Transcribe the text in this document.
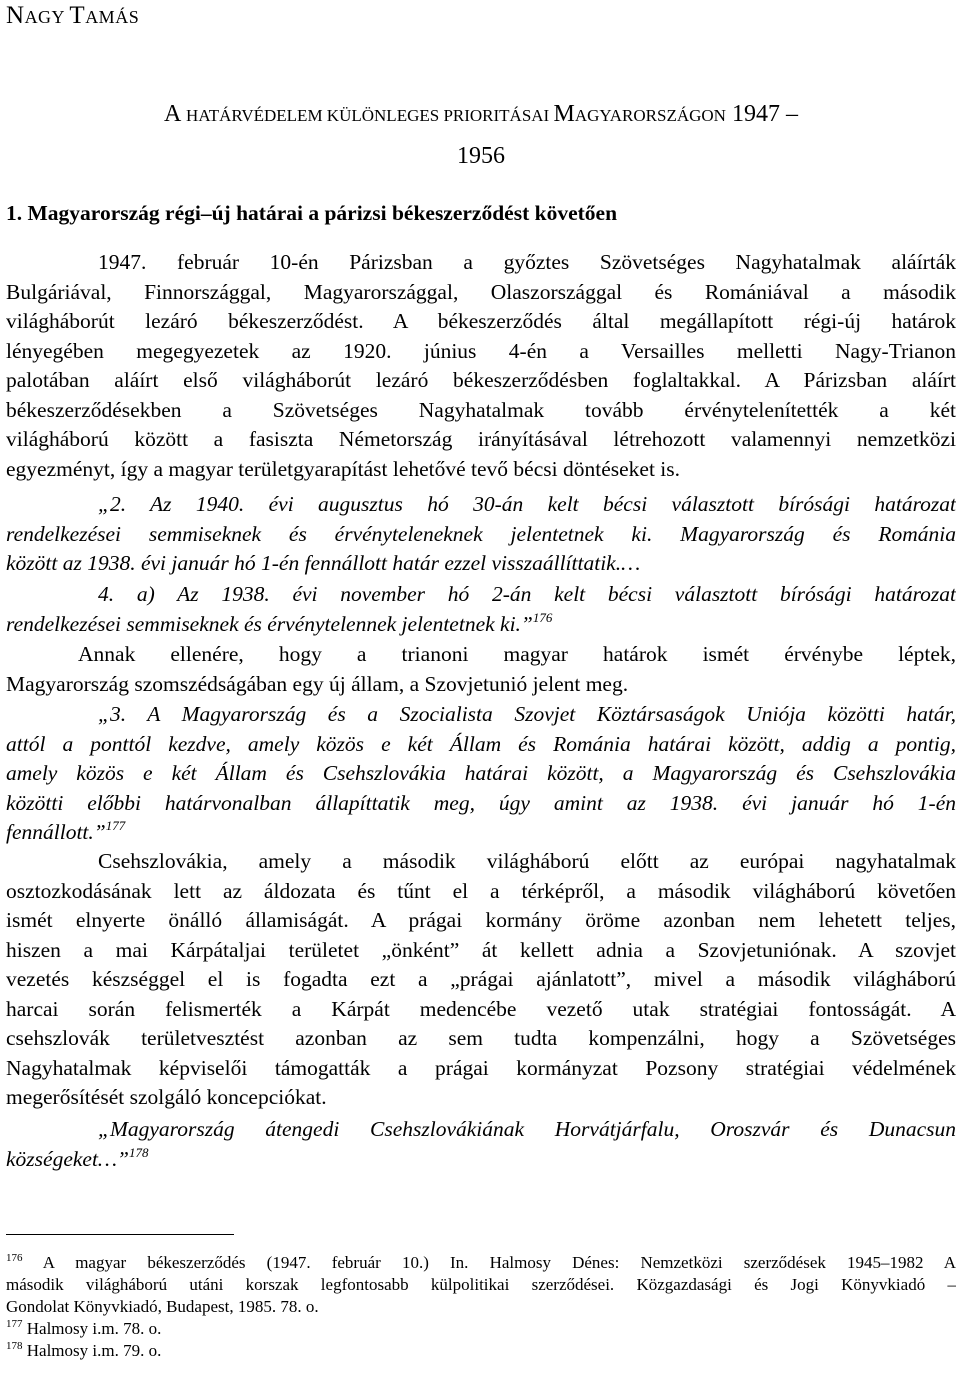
NAGY TAMÁS
A HATÁRVÉDELEM KÜLÖNLEGES PRIORITÁSAI MAGYARORSZÁGON 1947 –
1956
1. Magyarország régi–új határai a párizsi békeszerződést követően
1947. február 10-én Párizsban a győztes Szövetséges Nagyhatalmak aláírták
Bulgáriával, Finnországgal, Magyarországgal, Olaszországgal és Romániával a második
világháborút lezáró békeszerződést. A békeszerződés által megállapított régi-új határok
lényegében megegyezetek az 1920. június 4-én a Versailles melletti Nagy-Trianon
palotában aláírt első világháborút lezáró békeszerződésben foglaltakkal. A Párizsban aláírt
békeszerződésekben a Szövetséges Nagyhatalmak tovább érvénytelenítették a két
világháború között a fasiszta Németország irányításával létrehozott valamennyi nemzetközi
egyezményt, így a magyar területgyarapítást lehetővé tevő bécsi döntéseket is.
„2. Az 1940. évi augusztus hó 30-án kelt bécsi választott bírósági határozat
rendelkezései semmiseknek és érvényteleneknek jelentetnek ki. Magyarország és Románia
között az 1938. évi január hó 1-én fennállott határ ezzel visszaállíttatik.…
4. a) Az 1938. évi november hó 2-án kelt bécsi választott bírósági határozat
rendelkezései semmiseknek és érvénytelennek jelentetnek ki.”$^{176}$
Annak ellenére, hogy a trianoni magyar határok ismét érvénybe léptek,
Magyarország szomszédságában egy új állam, a Szovjetunió jelent meg.
„3. A Magyarország és a Szocialista Szovjet Köztársaságok Uniója közötti határ,
attól a ponttól kezdve, amely közös e két Állam és Románia határai között, addig a pontig,
amely közös e két Állam és Csehszlovákia határai között, a Magyarország és Csehszlovákia
közötti előbbi határvonalban állapíttatik meg, úgy amint az 1938. évi január hó 1-én
fennállott.”$^{177}$
Csehszlovákia, amely a második világháború előtt az európai nagyhatalmak
osztozkodásának lett az áldozata és tűnt el a térképről, a második világháború követően
ismét elnyerte önálló államiságát. A prágai kormány öröme azonban nem lehetett teljes,
hiszen a mai Kárpátaljai területet „önként” át kellett adnia a Szovjetuniónak. A szovjet
vezetés készséggel el is fogadta ezt a „prágai ajánlatott”, mivel a második világháború
harcai során felismerték a Kárpát medencébe vezető utak stratégiai fontosságát. A
csehszlovák területvesztést azonban az sem tudta kompenzálni, hogy a Szövetséges
Nagyhatalmak képviselői támogatták a prágai kormányzat Pozsony stratégiai védelmének
megerősítését szolgáló koncepciókat.
„Magyarország átengedi Csehszlovákiának Horvátjárfalu, Oroszvár és Dunacsun
községeket…”$^{178}$
$^{176}$ A magyar békeszerződés (1947. február 10.) In. Halmosy Dénes: Nemzetközi szerződések 1945–1982 A
második világháború utáni korszak legfontosabb külpolitikai szerződései. Közgazdasági és Jogi Könyvkiadó –
Gondolat Könyvkiadó, Budapest, 1985. 78. o.
$^{177}$ Halmosy i.m. 78. o.
$^{178}$ Halmosy i.m. 79. o.
